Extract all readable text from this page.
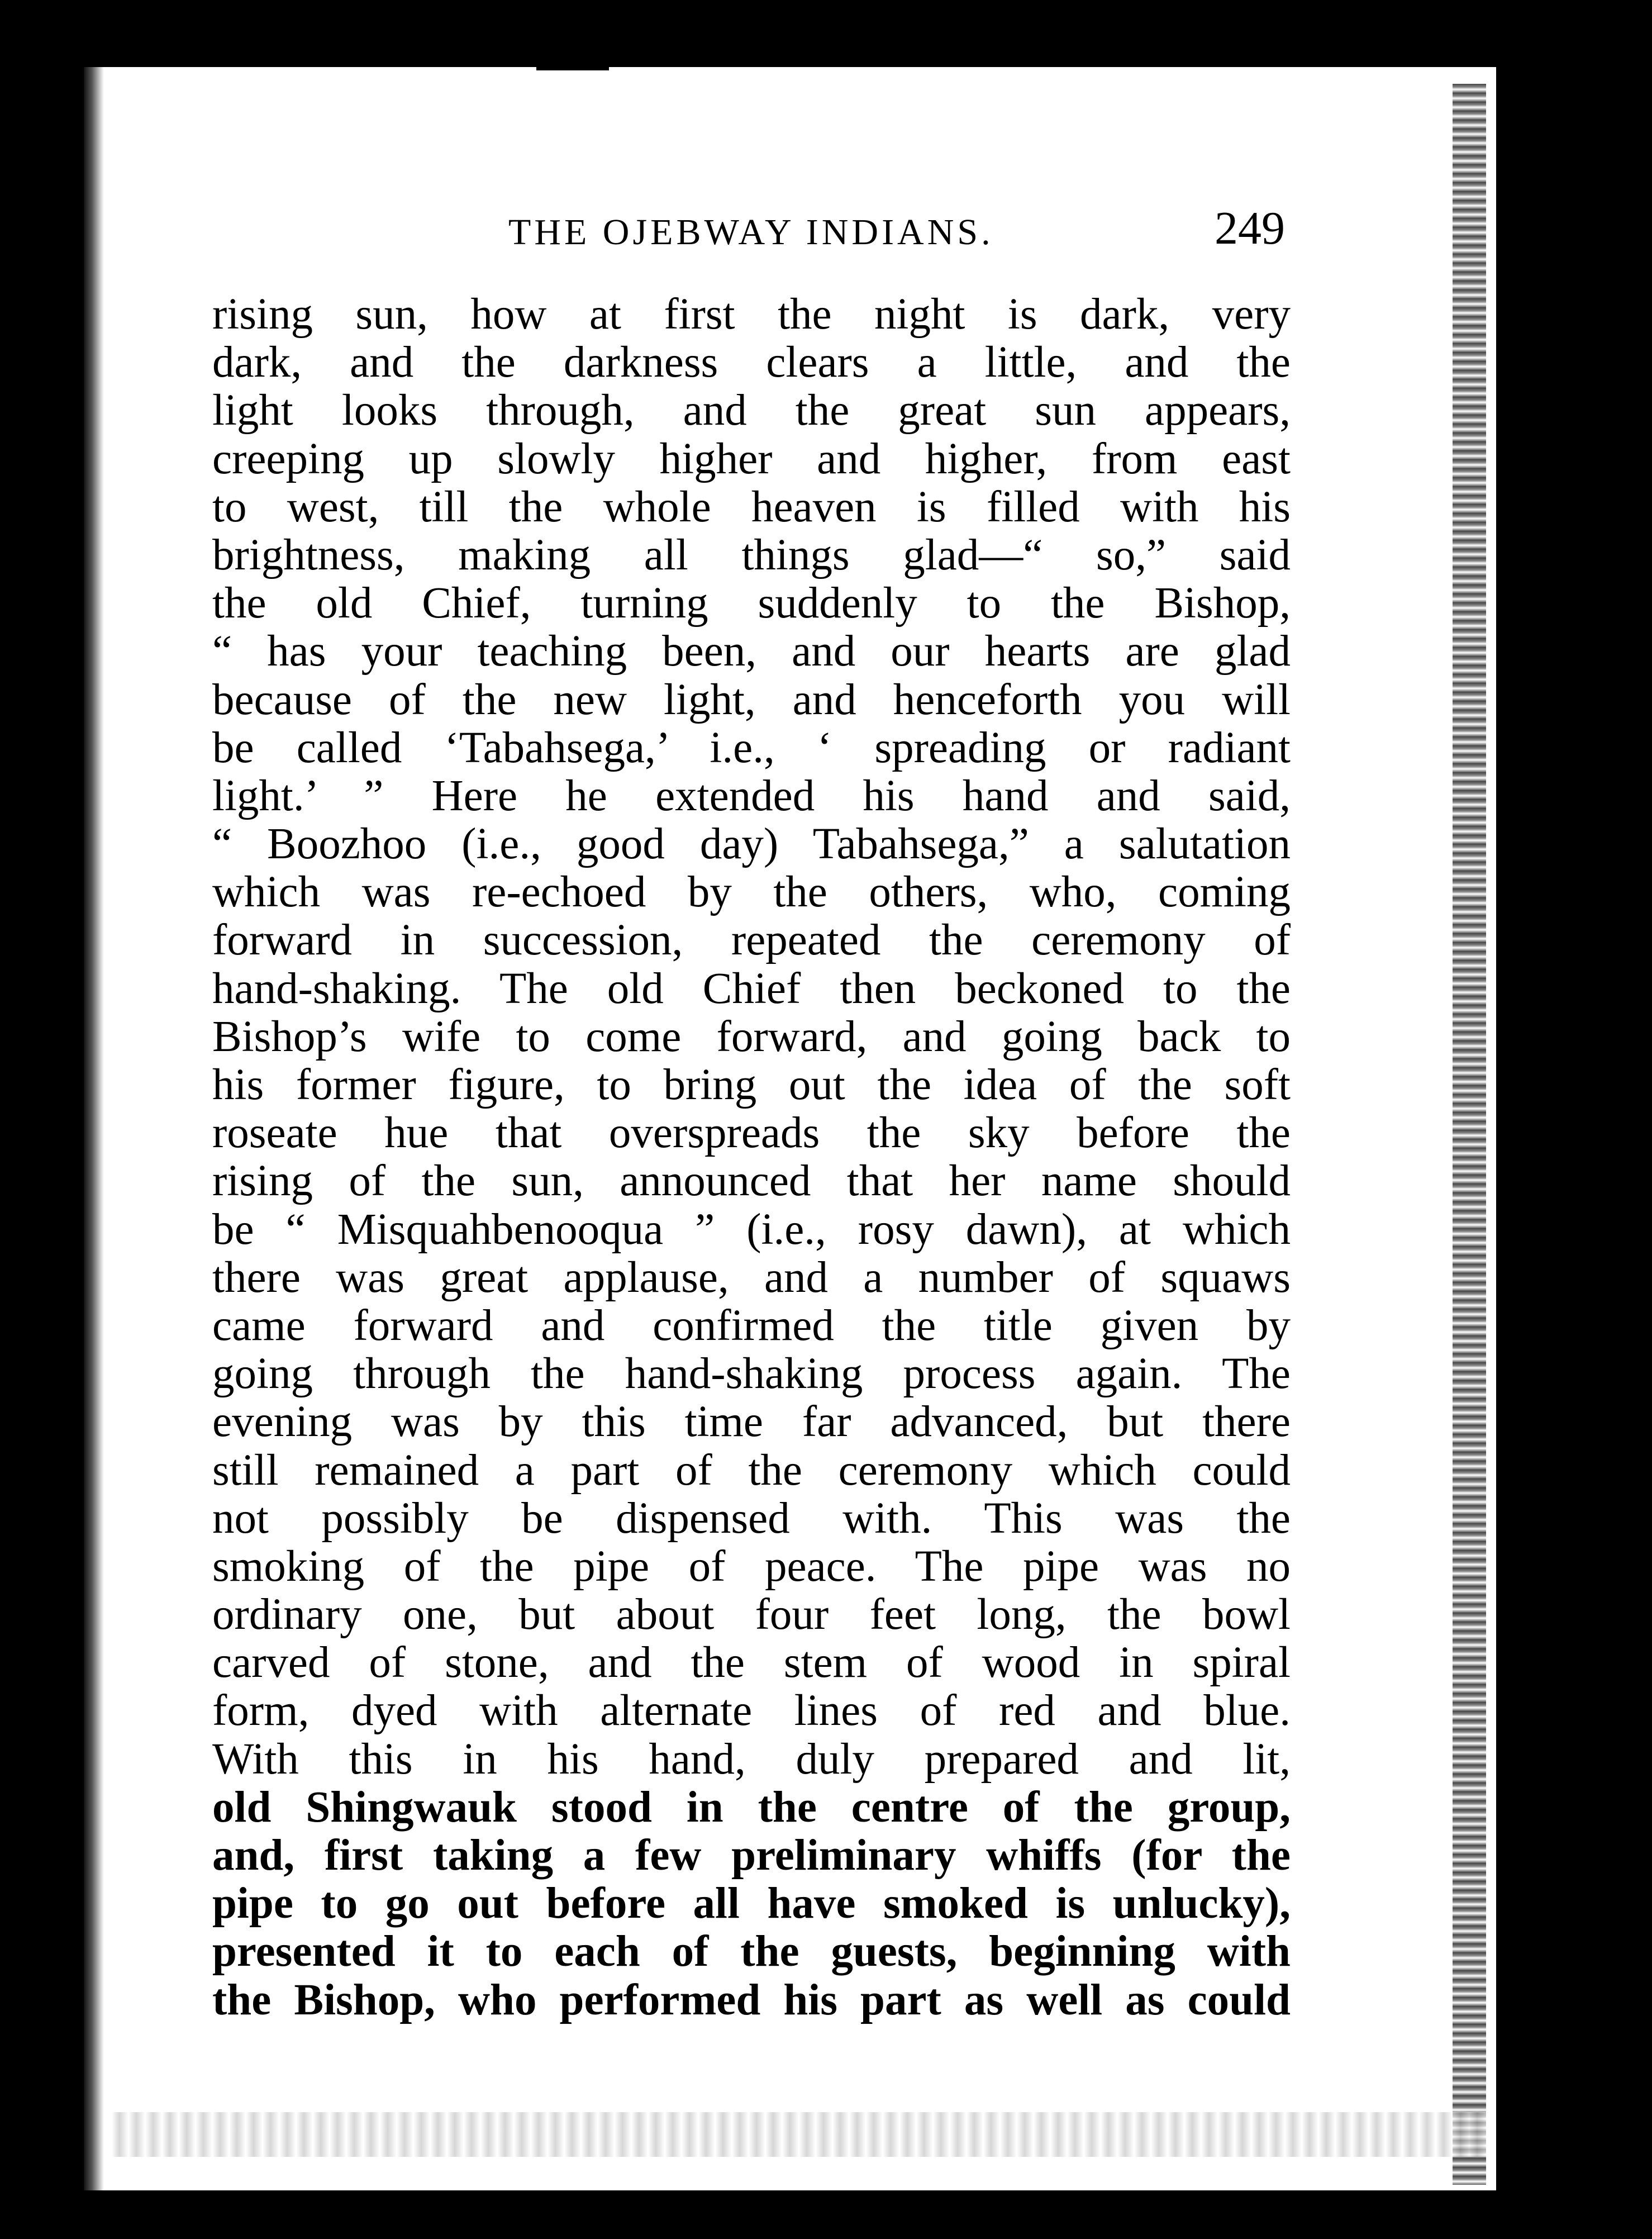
THE OJEBWAY INDIANS.	249
rising sun, how at first the night is dark, very
dark, and the darkness clears a little, and the
light looks through, and the great sun appears,
creeping up slowly higher and higher, from east
to west, till the whole heaven is filled with his
brightness, making all things glad—“ so,” said
the old Chief, turning suddenly to the Bishop,
“ has your teaching been, and our hearts are glad
because of the new light, and henceforth you will
be called ‘Tabahsega,’ i.e., ‘ spreading or radiant
light.’ ” Here he extended his hand and said,
“ Boozhoo (i.e., good day) Tabahsega,” a salutation
which was re-echoed by the others, who, coming
forward in succession, repeated the ceremony of
hand-shaking. The old Chief then beckoned to the
Bishop’s wife to come forward, and going back to
his former figure, to bring out the idea of the soft
roseate hue that overspreads the sky before the
rising of the sun, announced that her name should
be “ Misquahbenooqua ” (i.e., rosy dawn), at which
there was great applause, and a number of squaws
came forward and confirmed the title given by
going through the hand-shaking process again. The
evening was by this time far advanced, but there
still remained a part of the ceremony which could
not possibly be dispensed with. This was the
smoking of the pipe of peace. The pipe was no
ordinary one, but about four feet long, the bowl
carved of stone, and the stem of wood in spiral
form, dyed with alternate lines of red and blue.
With this in his hand, duly prepared and lit,
old Shingwauk stood in the centre of the group,
and, first taking a few preliminary whiffs (for the
pipe to go out before all have smoked is unlucky),
presented it to each of the guests, beginning with
the Bishop, who performed his part as well as could
